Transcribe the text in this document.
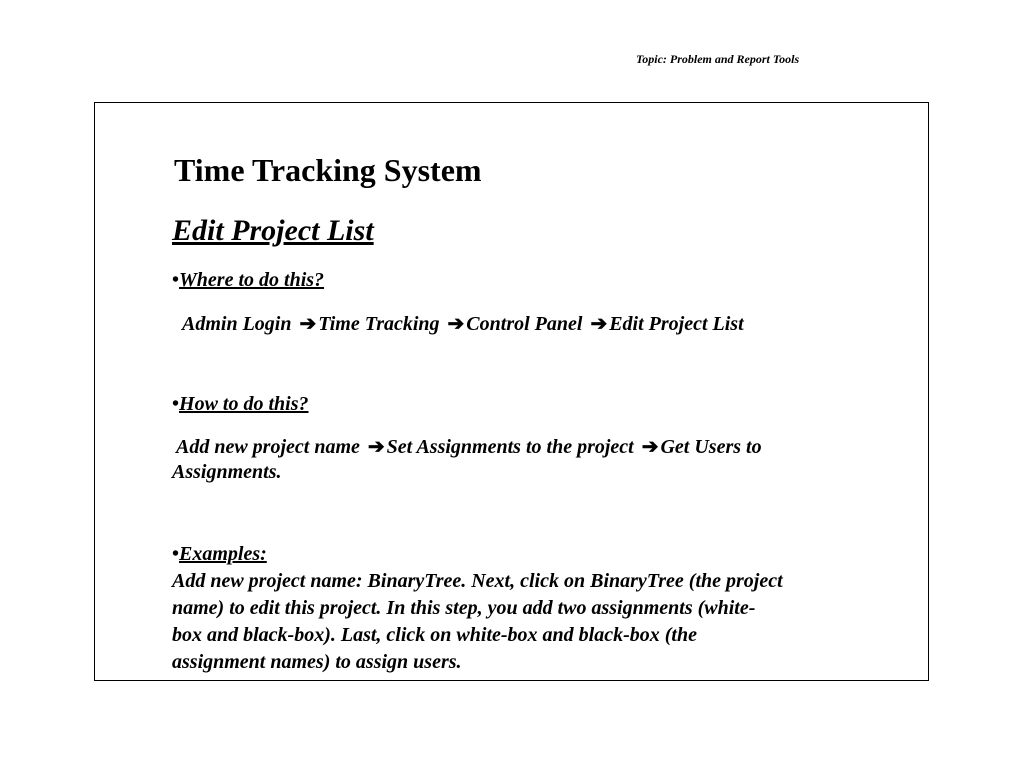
Topic: Problem and Report Tools
Time Tracking System
Edit Project List
•Where to do this?
Admin Login ➔ Time Tracking ➔ Control Panel ➔ Edit Project List
•How to do this?
Add new project name ➔ Set Assignments to the project ➔ Get Users to
Assignments.
•Examples:
Add new project name: BinaryTree. Next, click on BinaryTree (the project
name) to edit this project. In this step, you add two assignments (white-
box and black-box). Last, click on white-box and black-box (the
assignment names) to assign users.
